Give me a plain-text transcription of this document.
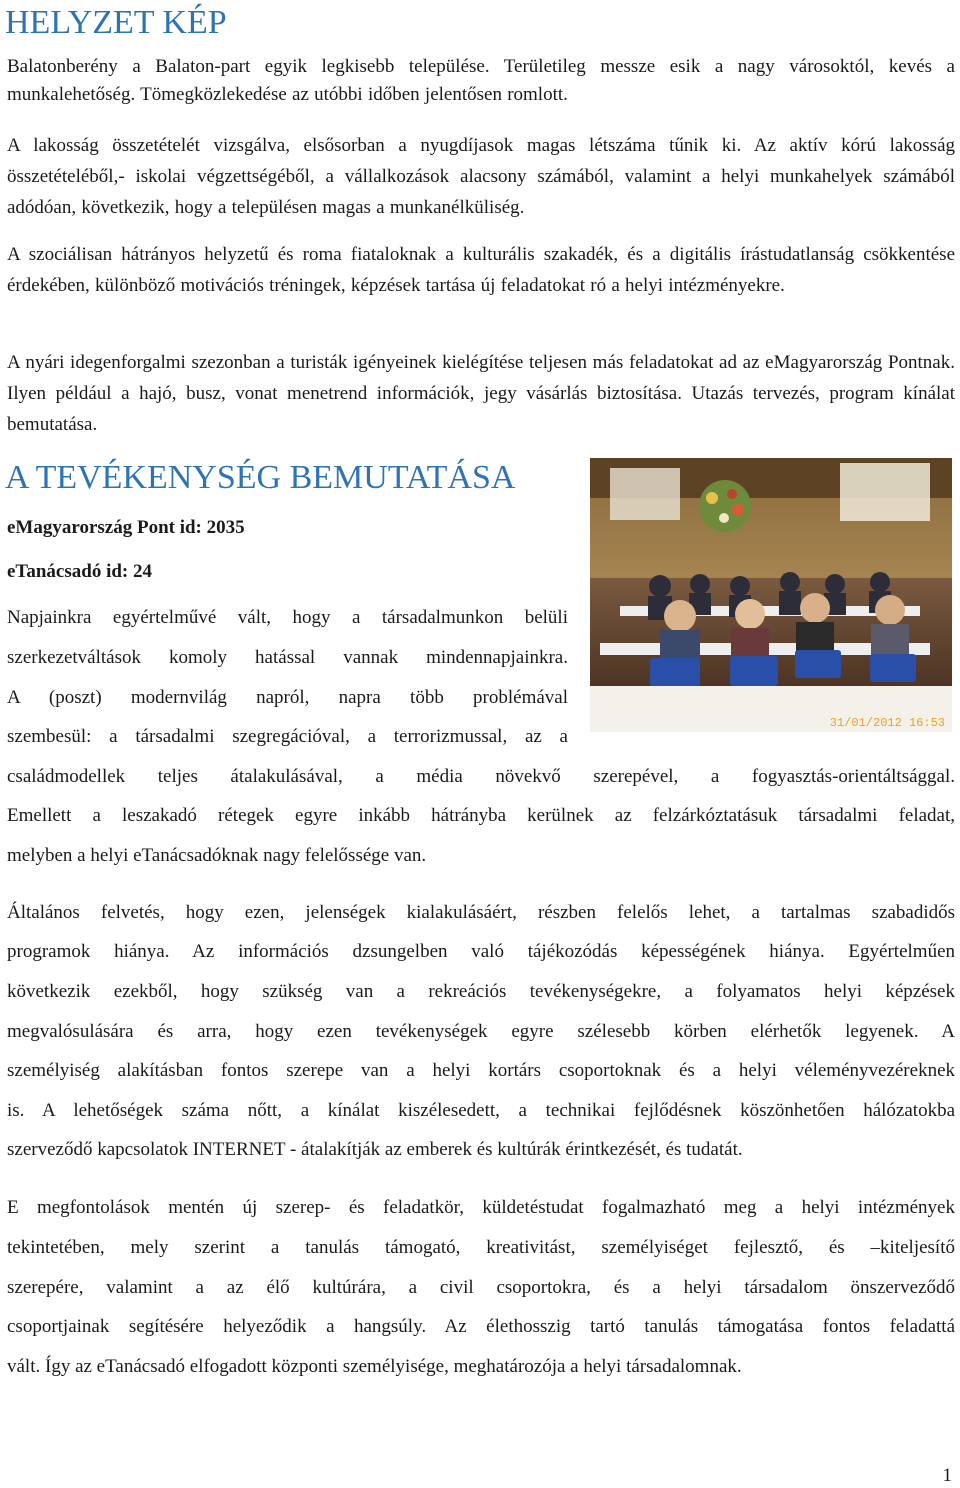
HELYZET KÉP

Balatonberény a Balaton-part egyik legkisebb települése. Területileg messze esik a nagy városoktól, kevés a munkalehetőség. Tömegközlekedése az utóbbi időben jelentősen romlott.

A lakosság összetételét vizsgálva, elsősorban a nyugdíjasok magas létszáma tűnik ki. Az aktív kórú lakosság összetételéből,- iskolai végzettségéből, a vállalkozások alacsony számából, valamint a helyi munkahelyek számából adódóan, következik, hogy a településen magas a munkanélküliség.

A szociálisan hátrányos helyzetű és roma fiataloknak a kulturális szakadék, és a digitális írástudatlanság csökkentése érdekében, különböző motivációs tréningek, képzések tartása új feladatokat ró a helyi intézményekre.

A nyári idegenforgalmi szezonban a turisták igényeinek kielégítése teljesen más feladatokat ad az eMagyarország Pontnak. Ilyen például a hajó, busz, vonat menetrend információk, jegy vásárlás biztosítása. Utazás tervezés, program kínálat bemutatása.

A TEVÉKENYSÉG BEMUTATÁSA
eMagyarország Pont id: 2035
eTanácsadó id: 24
Napjainkra egyértelművé vált, hogy a társadalmunkon belüli
szerkezetváltások komoly hatással vannak mindennapjainkra.
A (poszt) modernvilág napról, napra több problémával
szembesül: a társadalmi szegregációval, a terrorizmussal, az a
családmodellek teljes átalakulásával, a média növekvő szerepével, a fogyasztás-orientáltsággal.
Emellett a leszakadó rétegek egyre inkább hátrányba kerülnek az felzárkóztatásuk társadalmi feladat,
melyben a helyi eTanácsadóknak nagy felelőssége van.
Általános felvetés, hogy ezen, jelenségek kialakulásáért, részben felelős lehet, a tartalmas szabadidős
programok hiánya. Az információs dzsungelben való tájékozódás képességének hiánya. Egyértelműen
következik ezekből, hogy szükség van a rekreációs tevékenységekre, a folyamatos helyi képzések
megvalósulására és arra, hogy ezen tevékenységek egyre szélesebb körben elérhetők legyenek. A
személyiség alakításban fontos szerepe van a helyi kortárs csoportoknak és a helyi véleményvezéreknek
is. A lehetőségek száma nőtt, a kínálat kiszélesedett, a technikai fejlődésnek köszönhetően hálózatokba
szerveződő kapcsolatok INTERNET - átalakítják az emberek és kultúrák érintkezését, és tudatát.
E megfontolások mentén új szerep- és feladatkör, küldetéstudat fogalmazható meg a helyi intézmények
tekintetében, mely szerint a tanulás támogató, kreativitást, személyiséget fejlesztő, és –kiteljesítő
szerepére, valamint a az élő kultúrára, a civil csoportokra, és a helyi társadalom önszerveződő
csoportjainak segítésére helyeződik a hangsúly. Az élethosszig tartó tanulás támogatása fontos feladattá
vált. Így az eTanácsadó elfogadott központi személyisége, meghatározója a helyi társadalomnak.
31/01/2012 16:53
1
